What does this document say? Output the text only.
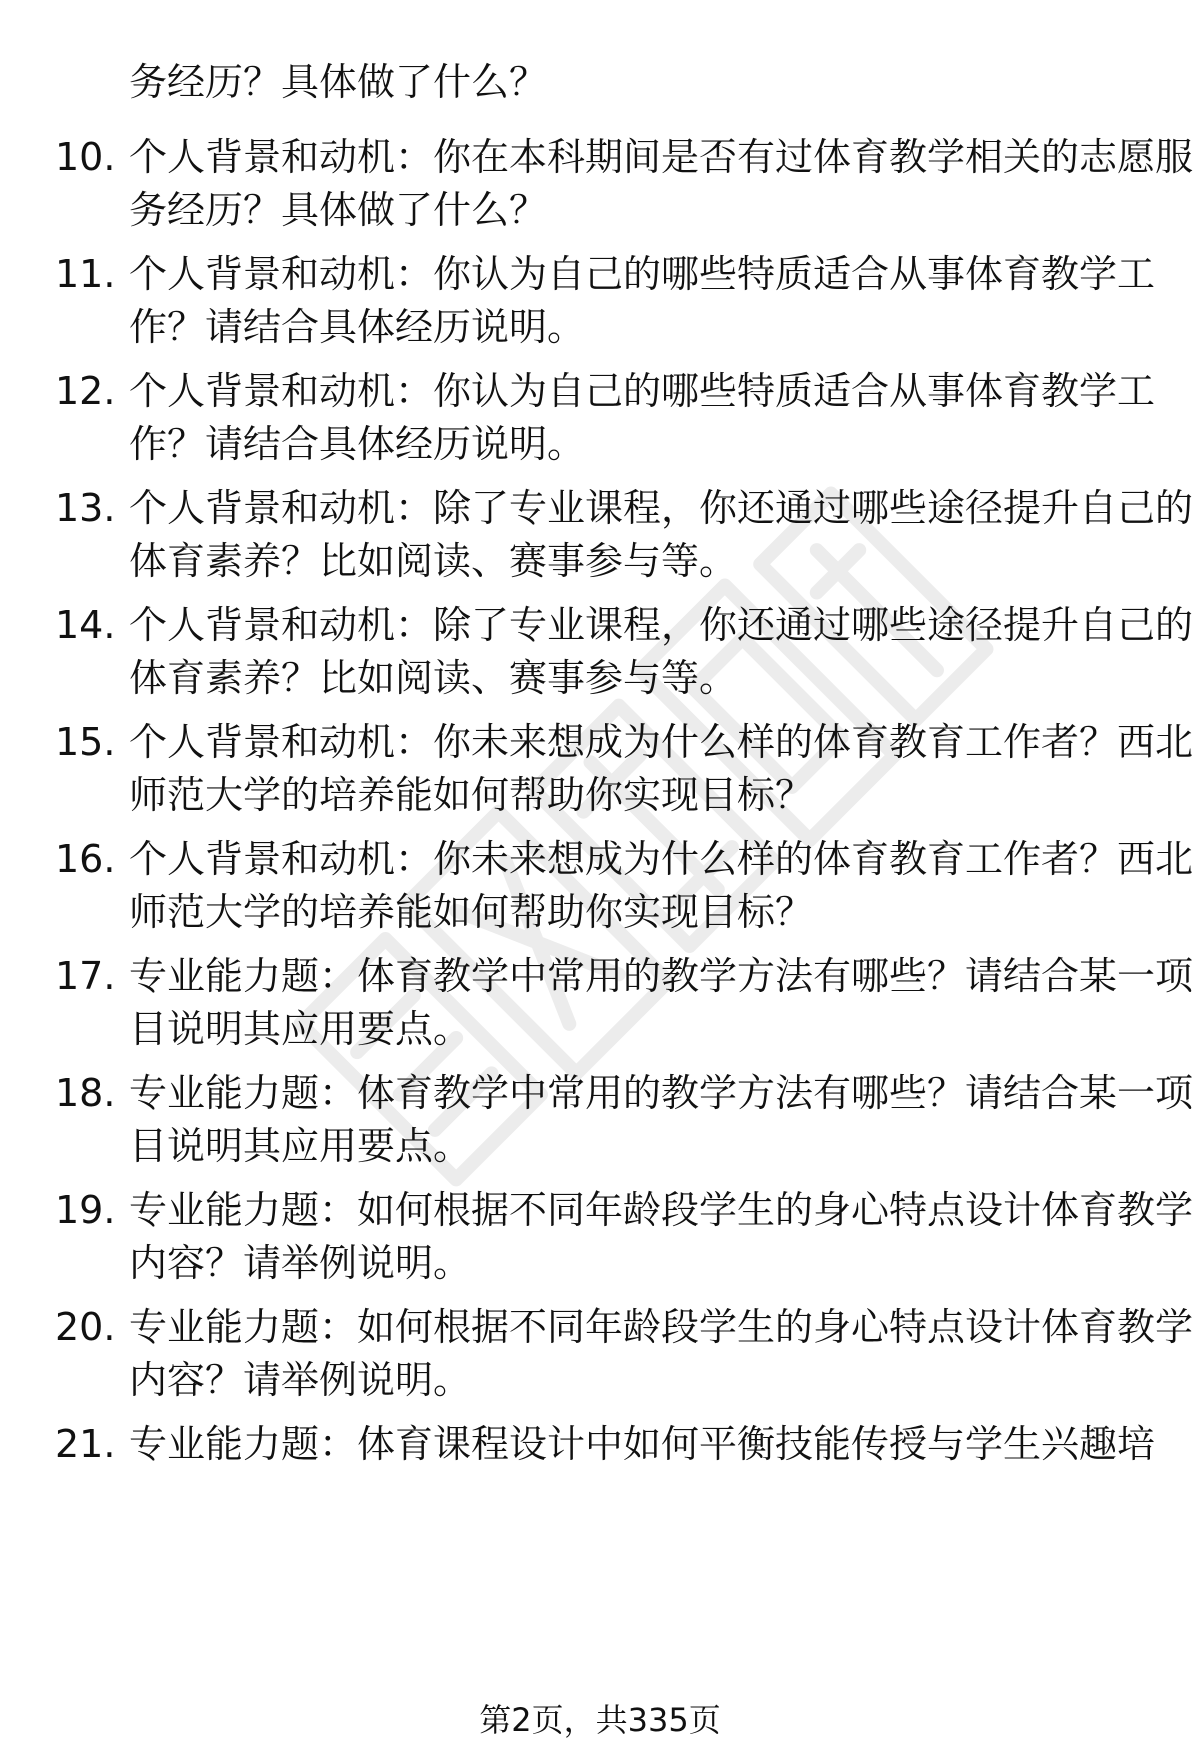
务经历？具体做了什么？
10. 个人背景和动机：你在本科期间是否有过体育教学相关的志愿服
务经历？具体做了什么？
11. 个人背景和动机：你认为自己的哪些特质适合从事体育教学工
作？请结合具体经历说明。
12. 个人背景和动机：你认为自己的哪些特质适合从事体育教学工
作？请结合具体经历说明。
13. 个人背景和动机：除了专业课程，你还通过哪些途径提升自己的
体育素养？比如阅读、赛事参与等。
14. 个人背景和动机：除了专业课程，你还通过哪些途径提升自己的
体育素养？比如阅读、赛事参与等。
15. 个人背景和动机：你未来想成为什么样的体育教育工作者？西北
师范大学的培养能如何帮助你实现目标？
16. 个人背景和动机：你未来想成为什么样的体育教育工作者？西北
师范大学的培养能如何帮助你实现目标？
17. 专业能力题：体育教学中常用的教学方法有哪些？请结合某一项
目说明其应用要点。
18. 专业能力题：体育教学中常用的教学方法有哪些？请结合某一项
目说明其应用要点。
19. 专业能力题：如何根据不同年龄段学生的身心特点设计体育教学
内容？请举例说明。
20. 专业能力题：如何根据不同年龄段学生的身心特点设计体育教学
内容？请举例说明。
21. 专业能力题：体育课程设计中如何平衡技能传授与学生兴趣培
第2页，共335页
